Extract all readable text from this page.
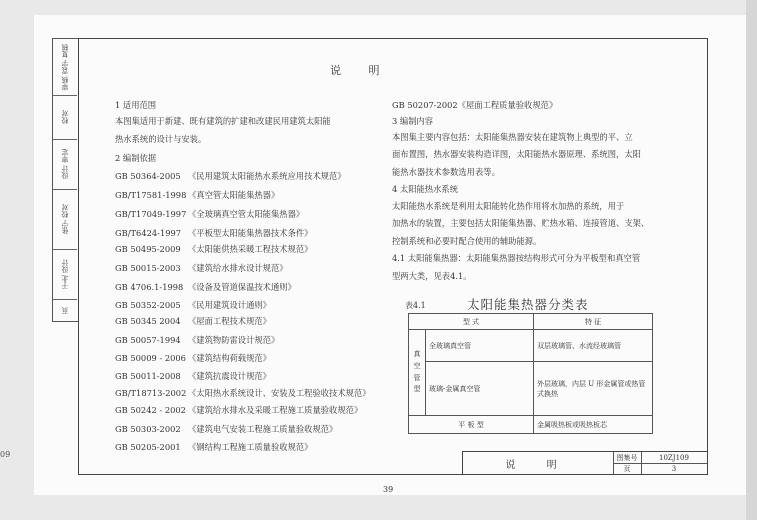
09
审核 袁宇 复核
校对
设计 审定
张宁 校对
于北 设计
页
说 明
1 适用范围
本图集适用于新建、既有建筑的扩建和改建民用建筑太阳能
热水系统的设计与安装。
2 编制依据
GB 50364-2005 《民用建筑太阳能热水系统应用技术规范》
GB/T17581-1998 《真空管太阳能集热器》
GB/T17049-1997 《全玻璃真空管太阳能集热器》
GB/T6424-1997 《平板型太阳能集热器技术条件》
GB 50495-2009 《太阳能供热采暖工程技术规范》
GB 50015-2003 《建筑给水排水设计规范》
GB 4706.1-1998 《设备及管道保温技术通则》
GB 50352-2005 《民用建筑设计通则》
GB 50345 2004 《屋面工程技术规范》
GB 50057-1994 《建筑物防雷设计规范》
GB 50009 - 2006 《建筑结构荷载规范》
GB 50011-2008 《建筑抗震设计规范》
GB/T18713-2002 《太阳热水系统设计、安装及工程验收技术规范》
GB 50242 - 2002 《建筑给水排水及采暖工程施工质量验收规范》
GB 50303-2002 《建筑电气安装工程施工质量验收规范》
GB 50205-2001 《钢结构工程施工质量验收规范》
GB 50207-2002《屋面工程质量验收规范》
3 编制内容
本图集主要内容包括：太阳能集热器安装在建筑物上典型的平、立
面布置图，热水器安装构造详图，太阳能热水器原理、系统图，太阳
能热水器技术参数选用表等。
4 太阳能热水系统
太阳能热水系统是利用太阳能转化热作用将水加热的系统，用于
加热水的装置，主要包括太阳能集热器、贮热水箱、连接管道、支架、
控制系统和必要时配合使用的辅助能源。
4.1 太阳能集热器：太阳能集热器按结构形式可分为平板型和真空管
型两大类，见表4.1。
表4.1	太阳能集热器分类表
型 式		特 征
真空管型	全玻璃真空管	双层玻璃管、水流经玻璃管
	玻璃-金属真空管	外层玻璃，内层 U 形金属管或热管式换热
平 板 型		金属吸热板或吸热板芯
说 明
图集号	10ZJ109
页	3
39
